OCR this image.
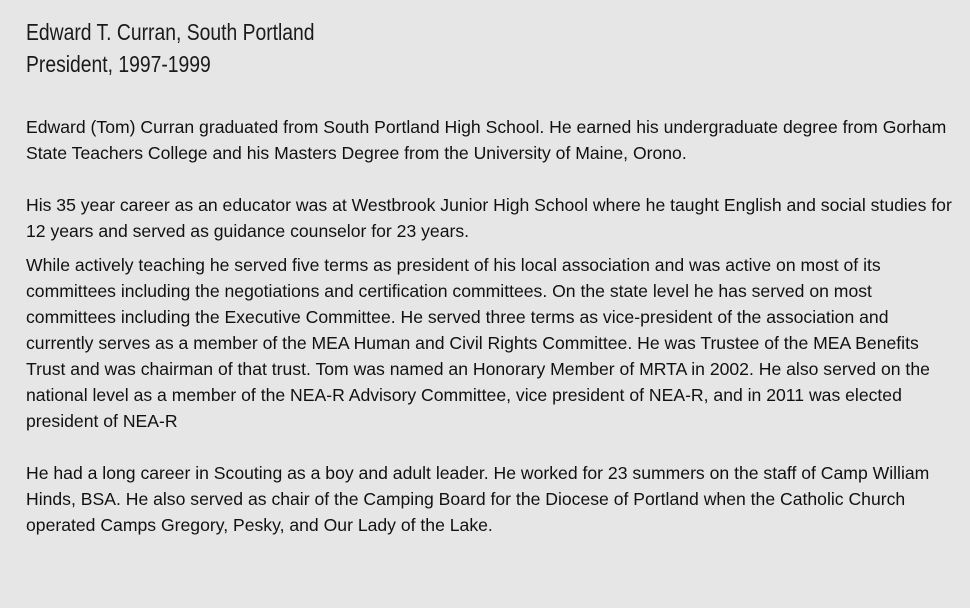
Edward T. Curran, South Portland
President, 1997-1999

Edward (Tom) Curran graduated from South Portland High School. He earned his undergraduate degree from Gorham State Teachers College and his Masters Degree from the University of Maine, Orono.

His 35 year career as an educator was at Westbrook Junior High School where he taught English and social studies for 12 years and served as guidance counselor for 23 years.

While actively teaching he served five terms as president of his local association and was active on most of its committees including the negotiations and certification committees. On the state level he has served on most committees including the Executive Committee. He served three terms as vice-president of the association and currently serves as a member of the MEA Human and Civil Rights Committee. He was Trustee of the MEA Benefits Trust and was chairman of that trust. Tom was named an Honorary Member of MRTA in 2002. He also served on the national level as a member of the NEA-R Advisory Committee, vice president of NEA-R, and in 2011 was elected president of NEA-R

He had a long career in Scouting as a boy and adult leader. He worked for 23 summers on the staff of Camp William Hinds, BSA. He also served as chair of the Camping Board for the Diocese of Portland when the Catholic Church operated Camps Gregory, Pesky, and Our Lady of the Lake.
